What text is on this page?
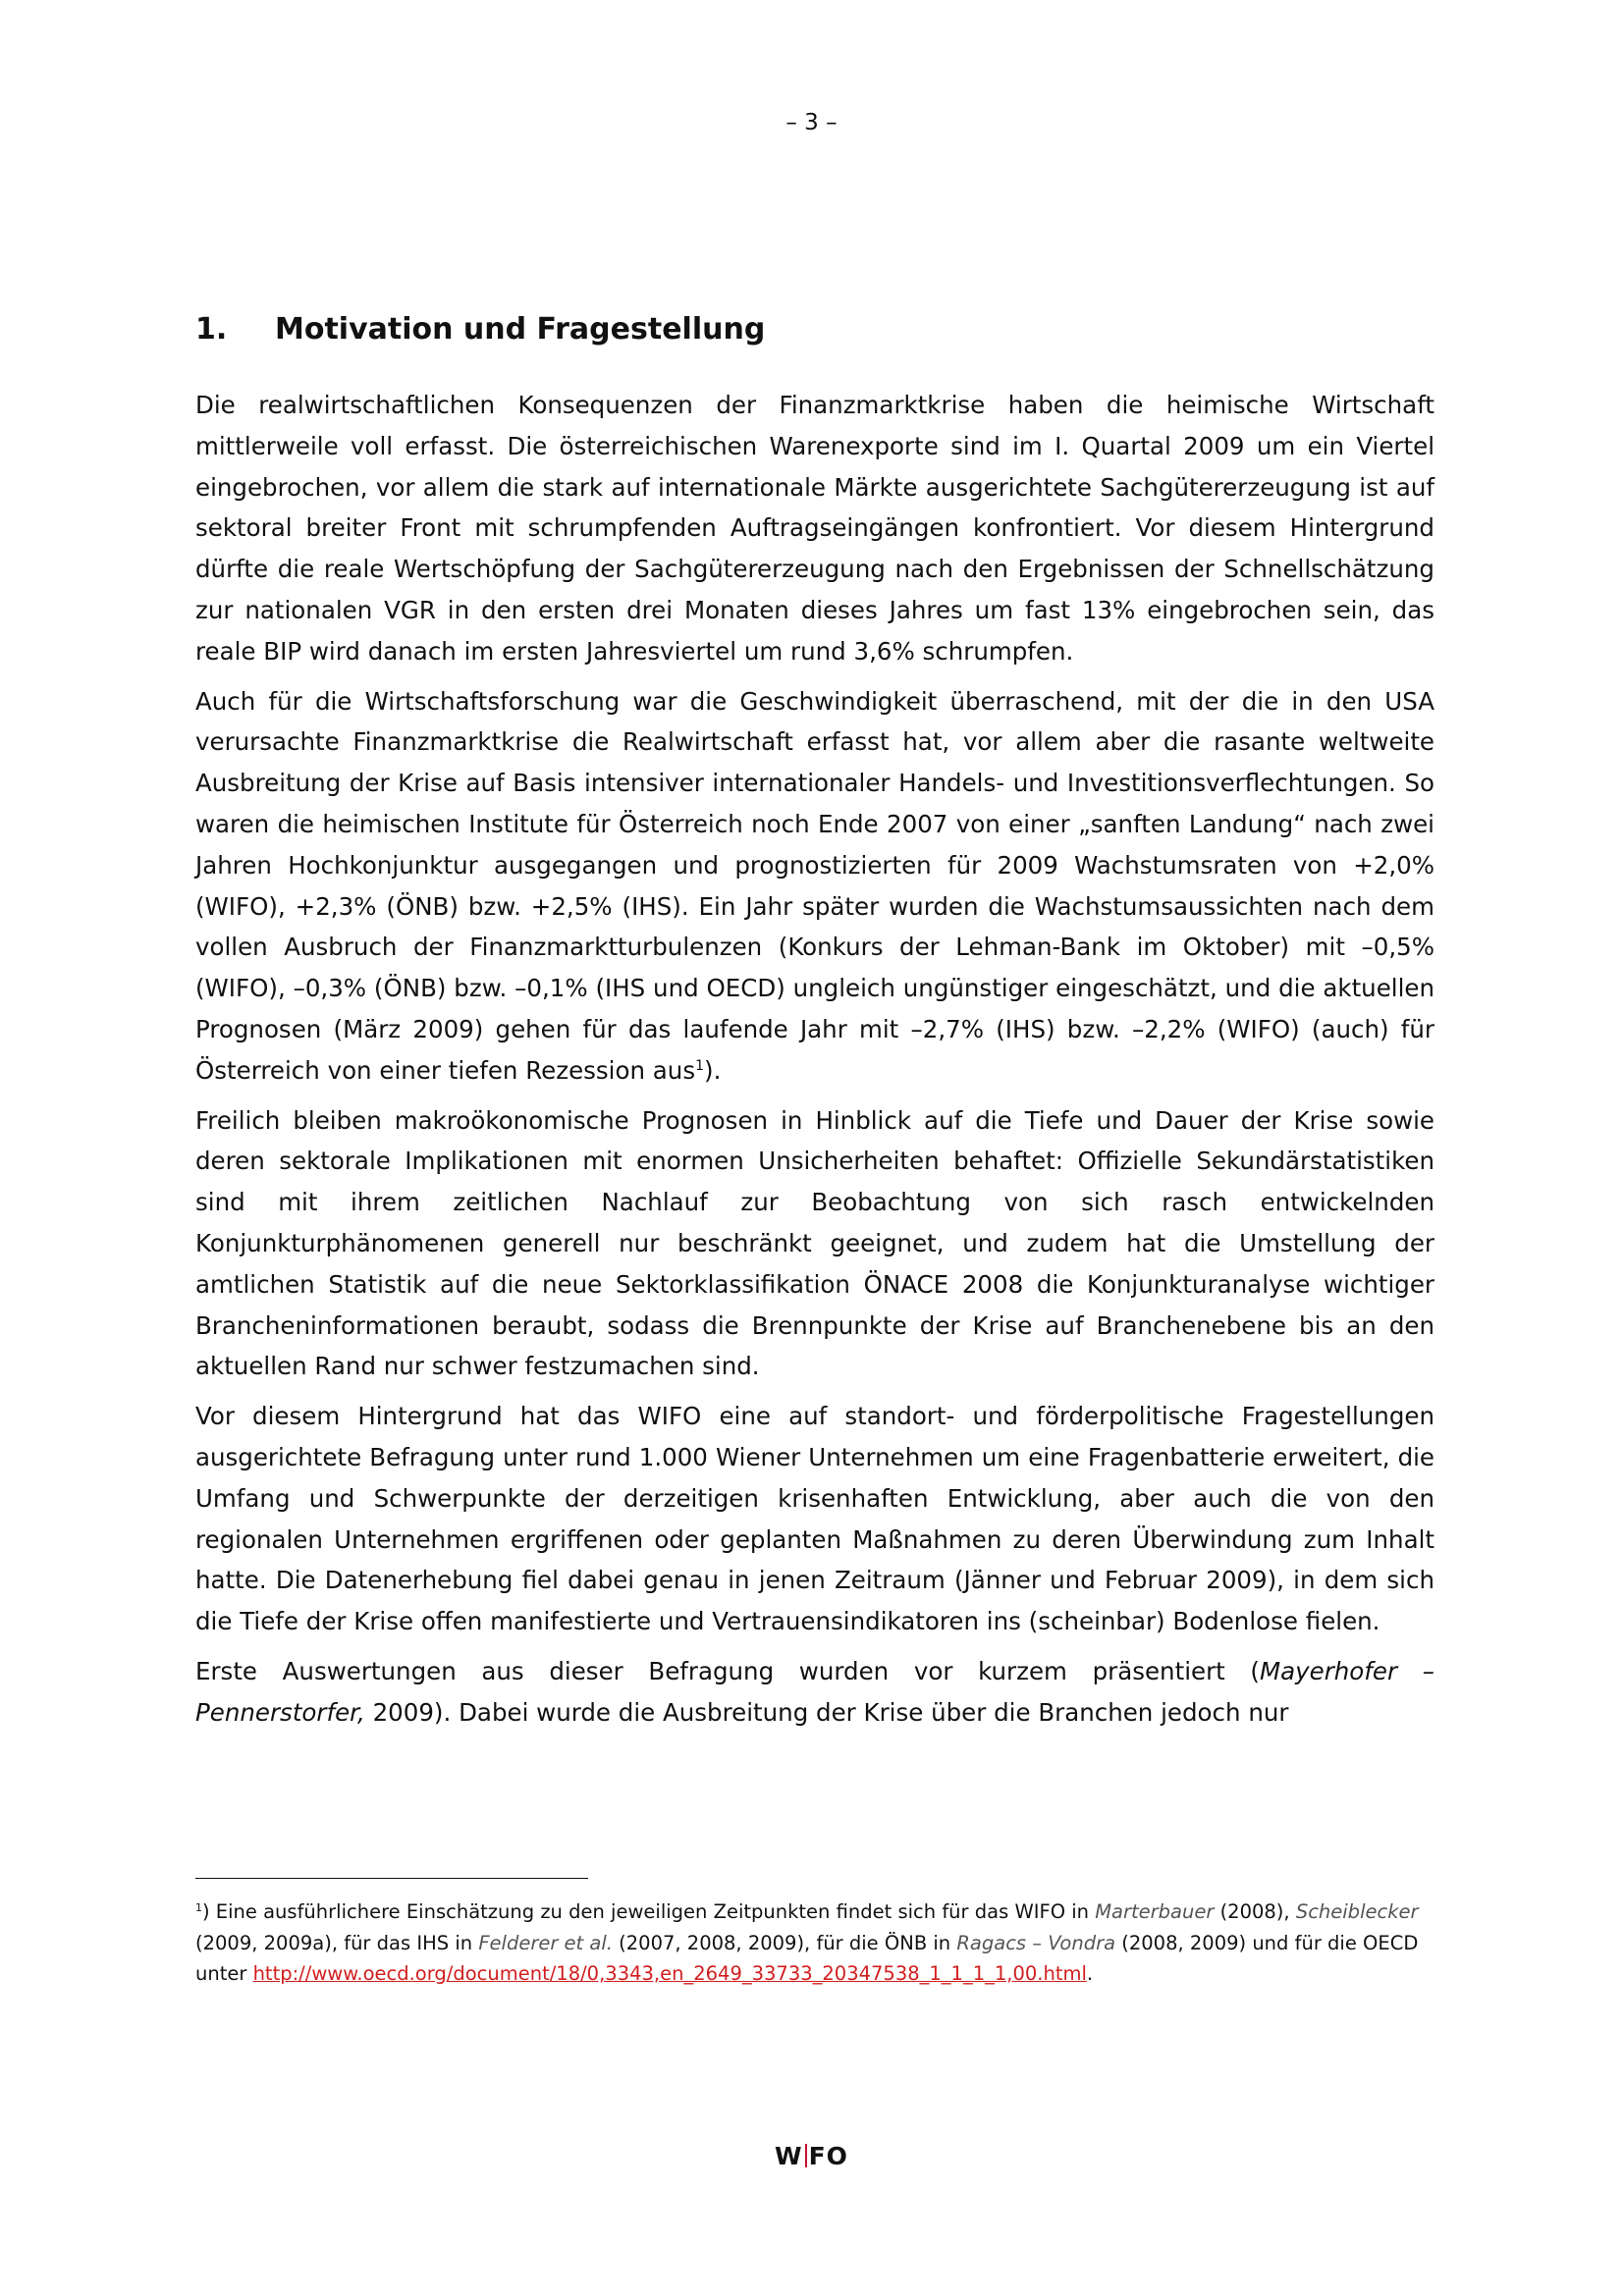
– 3 –
1. Motivation und Fragestellung

Die realwirtschaftlichen Konsequenzen der Finanzmarktkrise haben die heimische Wirtschaft mittlerweile voll erfasst. Die österreichischen Warenexporte sind im I. Quartal 2009 um ein Viertel eingebrochen, vor allem die stark auf internationale Märkte ausgerichtete Sachgütererzeugung ist auf sektoral breiter Front mit schrumpfenden Auftragseingängen konfrontiert. Vor diesem Hintergrund dürfte die reale Wertschöpfung der Sachgütererzeugung nach den Ergebnissen der Schnellschätzung zur nationalen VGR in den ersten drei Monaten dieses Jahres um fast 13% eingebrochen sein, das reale BIP wird danach im ersten Jahresviertel um rund 3,6% schrumpfen.

Auch für die Wirtschaftsforschung war die Geschwindigkeit überraschend, mit der die in den USA verursachte Finanzmarktkrise die Realwirtschaft erfasst hat, vor allem aber die rasante weltweite Ausbreitung der Krise auf Basis intensiver internationaler Handels- und Investitionsverflechtungen. So waren die heimischen Institute für Österreich noch Ende 2007 von einer „sanften Landung“ nach zwei Jahren Hochkonjunktur ausgegangen und prognostizierten für 2009 Wachstumsraten von +2,0% (WIFO), +2,3% (ÖNB) bzw. +2,5% (IHS). Ein Jahr später wurden die Wachstumsaussichten nach dem vollen Ausbruch der Finanzmarktturbulenzen (Konkurs der Lehman-Bank im Oktober) mit –0,5% (WIFO), –0,3% (ÖNB) bzw. –0,1% (IHS und OECD) ungleich ungünstiger eingeschätzt, und die aktuellen Prognosen (März 2009) gehen für das laufende Jahr mit –2,7% (IHS) bzw. –2,2% (WIFO) (auch) für Österreich von einer tiefen Rezession aus$^1$).

Freilich bleiben makroökonomische Prognosen in Hinblick auf die Tiefe und Dauer der Krise sowie deren sektorale Implikationen mit enormen Unsicherheiten behaftet: Offizielle Sekundärstatistiken sind mit ihrem zeitlichen Nachlauf zur Beobachtung von sich rasch entwickelnden Konjunkturphänomenen generell nur beschränkt geeignet, und zudem hat die Umstellung der amtlichen Statistik auf die neue Sektorklassifikation ÖNACE 2008 die Konjunkturanalyse wichtiger Brancheninformationen beraubt, sodass die Brennpunkte der Krise auf Branchenebene bis an den aktuellen Rand nur schwer festzumachen sind.

Vor diesem Hintergrund hat das WIFO eine auf standort- und förderpolitische Fragestellungen ausgerichtete Befragung unter rund 1.000 Wiener Unternehmen um eine Fragenbatterie erweitert, die Umfang und Schwerpunkte der derzeitigen krisenhaften Entwicklung, aber auch die von den regionalen Unternehmen ergriffenen oder geplanten Maßnahmen zu deren Überwindung zum Inhalt hatte. Die Datenerhebung fiel dabei genau in jenen Zeitraum (Jänner und Februar 2009), in dem sich die Tiefe der Krise offen manifestierte und Vertrauensindikatoren ins (scheinbar) Bodenlose fielen.

Erste Auswertungen aus dieser Befragung wurden vor kurzem präsentiert (Mayerhofer – Pennerstorfer, 2009). Dabei wurde die Ausbreitung der Krise über die Branchen jedoch nur

$^1$) Eine ausführlichere Einschätzung zu den jeweiligen Zeitpunkten findet sich für das WIFO in Marterbauer (2008), Scheiblecker (2009, 2009a), für das IHS in Felderer et al. (2007, 2008, 2009), für die ÖNB in Ragacs – Vondra (2008, 2009) und für die OECD unter http://www.oecd.org/document/18/0,3343,en_2649_33733_20347538_1_1_1_1,00.html.
W FO
